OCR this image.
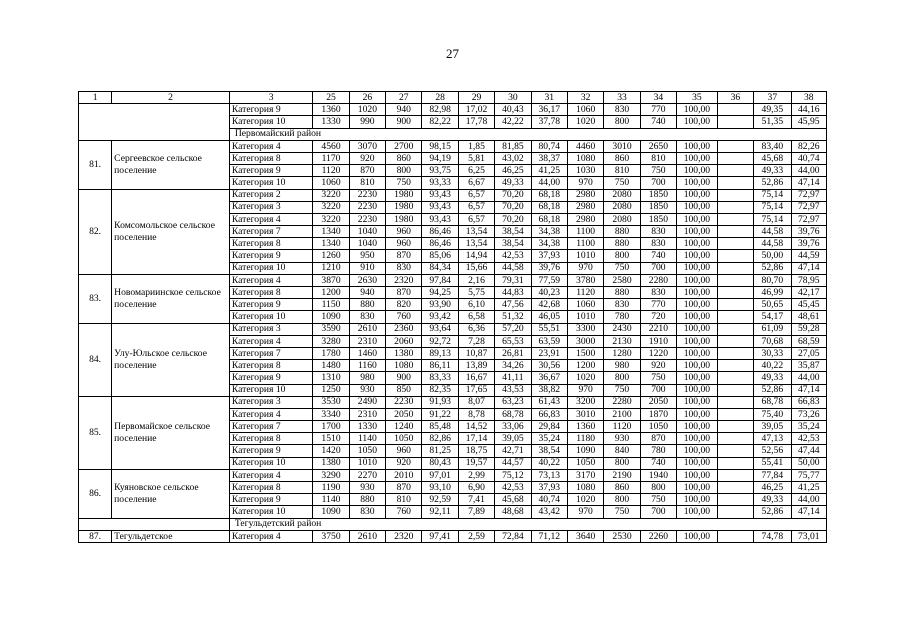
27
1	2	3	25	26	27	28	29	30	31	32	33	34	35	36	37	38
		Категория 9	1360	1020	940	82,98	17,02	40,43	36,17	1060	830	770	100,00		49,35	44,16
		Категория 10	1330	990	900	82,22	17,78	42,22	37,78	1020	800	740	100,00		51,35	45,95
		Первомайский район														
81.	Сергеевское сельское поселение	Категория 4	4560	3070	2700	98,15	1,85	81,85	80,74	4460	3010	2650	100,00		83,40	82,26
		Категория 8	1170	920	860	94,19	5,81	43,02	38,37	1080	860	810	100,00		45,68	40,74
		Категория 9	1120	870	800	93,75	6,25	46,25	41,25	1030	810	750	100,00		49,33	44,00
		Категория 10	1060	810	750	93,33	6,67	49,33	44,00	970	750	700	100,00		52,86	47,14
82.	Комсомольское сельское поселение	Категория 2	3220	2230	1980	93,43	6,57	70,20	68,18	2980	2080	1850	100,00		75,14	72,97
		Категория 3	3220	2230	1980	93,43	6,57	70,20	68,18	2980	2080	1850	100,00		75,14	72,97
		Категория 4	3220	2230	1980	93,43	6,57	70,20	68,18	2980	2080	1850	100,00		75,14	72,97
		Категория 7	1340	1040	960	86,46	13,54	38,54	34,38	1100	880	830	100,00		44,58	39,76
		Категория 8	1340	1040	960	86,46	13,54	38,54	34,38	1100	880	830	100,00		44,58	39,76
		Категория 9	1260	950	870	85,06	14,94	42,53	37,93	1010	800	740	100,00		50,00	44,59
		Категория 10	1210	910	830	84,34	15,66	44,58	39,76	970	750	700	100,00		52,86	47,14
83.	Новомариинское сельское поселение	Категория 4	3870	2630	2320	97,84	2,16	79,31	77,59	3780	2580	2280	100,00		80,70	78,95
		Категория 8	1200	940	870	94,25	5,75	44,83	40,23	1120	880	830	100,00		46,99	42,17
		Категория 9	1150	880	820	93,90	6,10	47,56	42,68	1060	830	770	100,00		50,65	45,45
		Категория 10	1090	830	760	93,42	6,58	51,32	46,05	1010	780	720	100,00		54,17	48,61
84.	Улу-Юльское сельское поселение	Категория 3	3590	2610	2360	93,64	6,36	57,20	55,51	3300	2430	2210	100,00		61,09	59,28
		Категория 4	3280	2310	2060	92,72	7,28	65,53	63,59	3000	2130	1910	100,00		70,68	68,59
		Категория 7	1780	1460	1380	89,13	10,87	26,81	23,91	1500	1280	1220	100,00		30,33	27,05
		Категория 8	1480	1160	1080	86,11	13,89	34,26	30,56	1200	980	920	100,00		40,22	35,87
		Категория 9	1310	980	900	83,33	16,67	41,11	36,67	1020	800	750	100,00		49,33	44,00
		Категория 10	1250	930	850	82,35	17,65	43,53	38,82	970	750	700	100,00		52,86	47,14
85.	Первомайское сельское поселение	Категория 3	3530	2490	2230	91,93	8,07	63,23	61,43	3200	2280	2050	100,00		68,78	66,83
		Категория 4	3340	2310	2050	91,22	8,78	68,78	66,83	3010	2100	1870	100,00		75,40	73,26
		Категория 7	1700	1330	1240	85,48	14,52	33,06	29,84	1360	1120	1050	100,00		39,05	35,24
		Категория 8	1510	1140	1050	82,86	17,14	39,05	35,24	1180	930	870	100,00		47,13	42,53
		Категория 9	1420	1050	960	81,25	18,75	42,71	38,54	1090	840	780	100,00		52,56	47,44
		Категория 10	1380	1010	920	80,43	19,57	44,57	40,22	1050	800	740	100,00		55,41	50,00
86.	Куяновское сельское поселение	Категория 4	3290	2270	2010	97,01	2,99	75,12	73,13	3170	2190	1940	100,00		77,84	75,77
		Категория 8	1190	930	870	93,10	6,90	42,53	37,93	1080	860	800	100,00		46,25	41,25
		Категория 9	1140	880	810	92,59	7,41	45,68	40,74	1020	800	750	100,00		49,33	44,00
		Категория 10	1090	830	760	92,11	7,89	48,68	43,42	970	750	700	100,00		52,86	47,14
		Тегульдетский район														
87.	Тегульдетское	Категория 4	3750	2610	2320	97,41	2,59	72,84	71,12	3640	2530	2260	100,00		74,78	73,01
